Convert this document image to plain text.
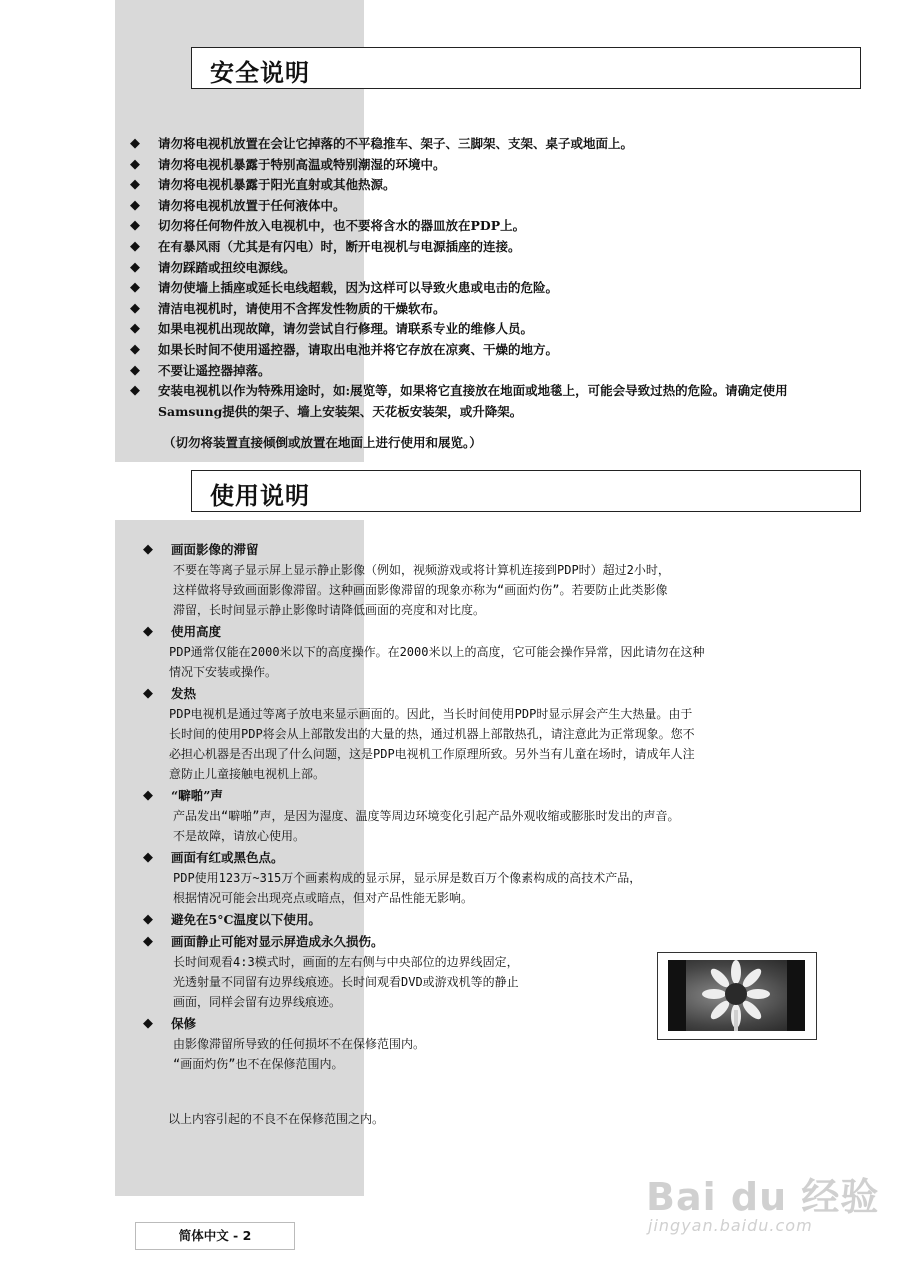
安全说明
◆ 请勿将电视机放置在会让它掉落的不平稳推车、架子、三脚架、支架、桌子或地面上。
◆ 请勿将电视机暴露于特别高温或特别潮湿的环境中。
◆ 请勿将电视机暴露于阳光直射或其他热源。
◆ 请勿将电视机放置于任何液体中。
◆ 切勿将任何物件放入电视机中，也不要将含水的器皿放在PDP上。
◆ 在有暴风雨（尤其是有闪电）时，断开电视机与电源插座的连接。
◆ 请勿踩踏或扭绞电源线。
◆ 请勿使墙上插座或延长电线超载，因为这样可以导致火患或电击的危险。
◆ 清洁电视机时，请使用不含挥发性物质的干燥软布。
◆ 如果电视机出现故障，请勿尝试自行修理。请联系专业的维修人员。
◆ 如果长时间不使用遥控器，请取出电池并将它存放在凉爽、干燥的地方。
◆ 不要让遥控器掉落。
◆ 安装电视机以作为特殊用途时，如:展览等，如果将它直接放在地面或地毯上，可能会导致过热的危险。请确定使用Samsung提供的架子、墙上安装架、天花板安装架，或升降架。
（切勿将装置直接倾倒或放置在地面上进行使用和展览。）
使用说明
◆ 画面影像的滞留
不要在等离子显示屏上显示静止影像（例如，视频游戏或将计算机连接到PDP时）超过2小时，
这样做将导致画面影像滞留。这种画面影像滞留的现象亦称为“画面灼伤”。若要防止此类影像
滞留，长时间显示静止影像时请降低画面的亮度和对比度。
◆ 使用高度
PDP通常仅能在2000米以下的高度操作。在2000米以上的高度，它可能会操作异常，因此请勿在这种
情况下安装或操作。
◆ 发热
PDP电视机是通过等离子放电来显示画面的。因此，当长时间使用PDP时显示屏会产生大热量。由于
长时间的使用PDP将会从上部散发出的大量的热，通过机器上部散热孔，请注意此为正常现象。您不
必担心机器是否出现了什么问题，这是PDP电视机工作原理所致。另外当有儿童在场时，请成年人注
意防止儿童接触电视机上部。
◆ “噼啪”声
产品发出“噼啪”声，是因为湿度、温度等周边环境变化引起产品外观收缩或膨胀时发出的声音。
不是故障，请放心使用。
◆ 画面有红或黑色点。
PDP使用123万~315万个画素构成的显示屏，显示屏是数百万个像素构成的高技术产品，
根据情况可能会出现亮点或暗点，但对产品性能无影响。
◆ 避免在5°C温度以下使用。
◆ 画面静止可能对显示屏造成永久损伤。
长时间观看4:3模式时，画面的左右侧与中央部位的边界线固定，
光透射量不同留有边界线痕迹。长时间观看DVD或游戏机等的静止
画面，同样会留有边界线痕迹。
◆ 保修
由影像滞留所导致的任何损坏不在保修范围内。
“画面灼伤”也不在保修范围内。
以上内容引起的不良不在保修范围之内。
简体中文 - 2
Bai du 经验
jingyan.baidu.com
